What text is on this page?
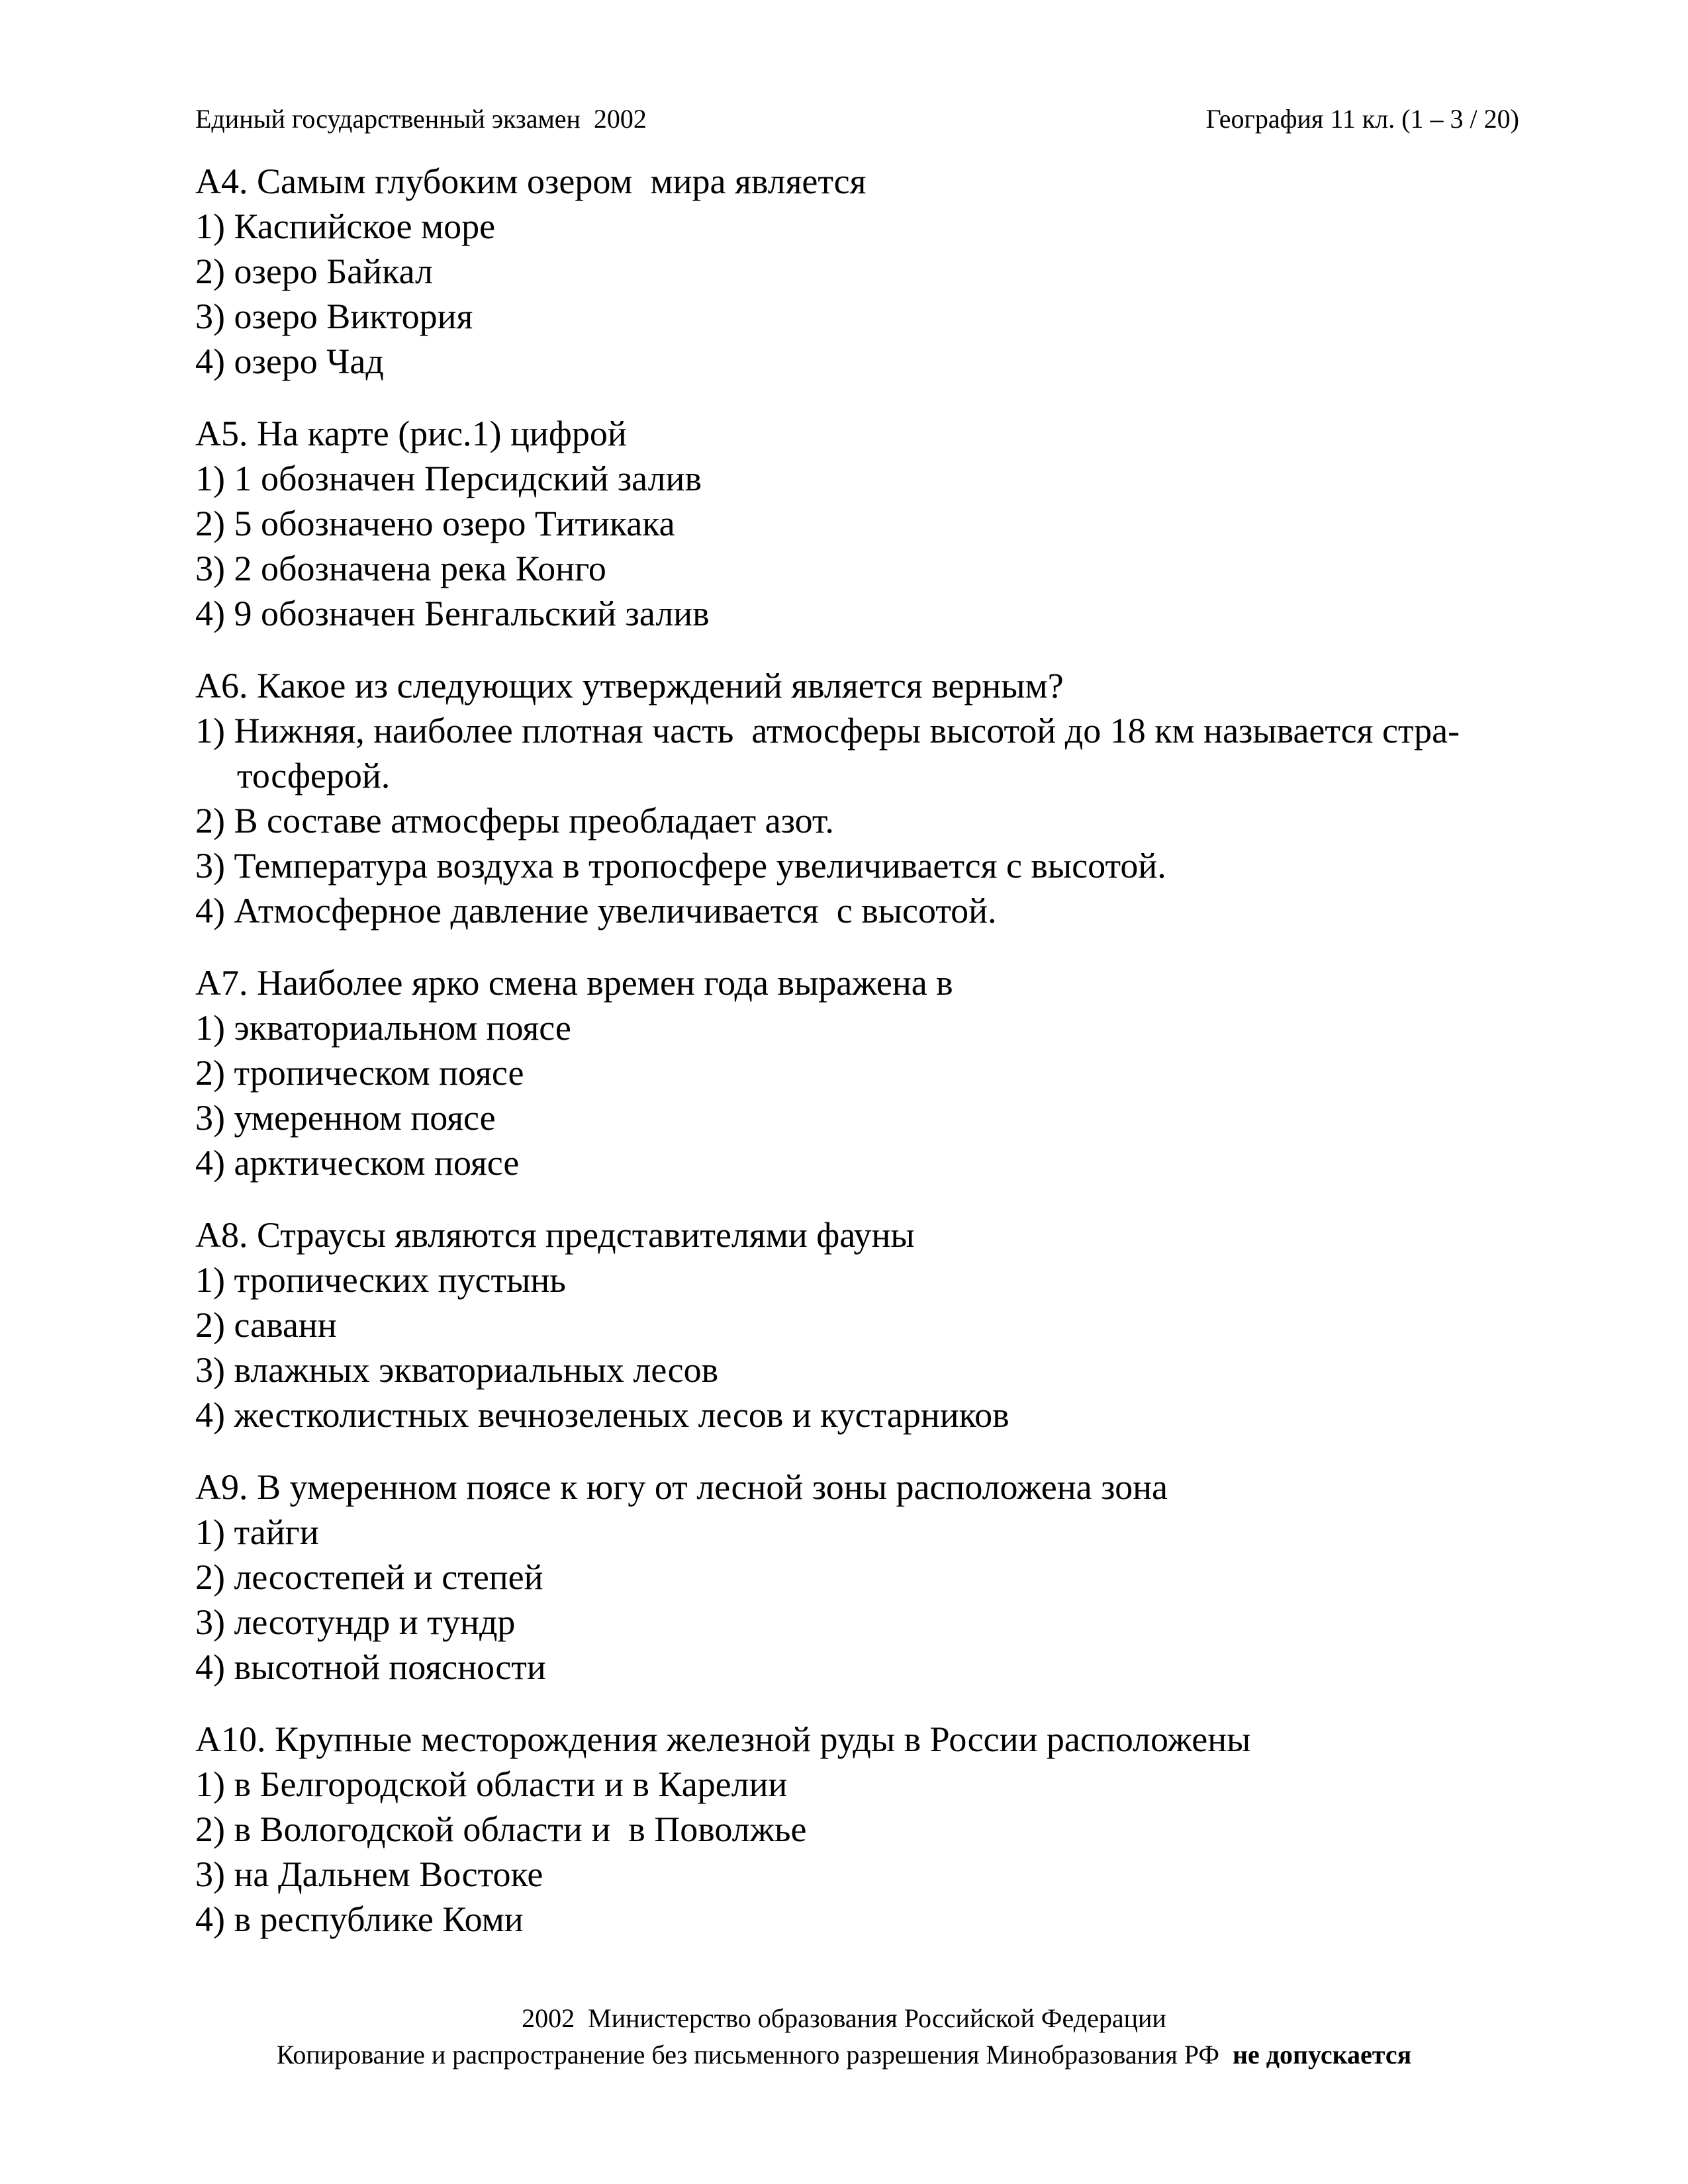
Единый государственный экзамен  2002	География 11 кл. (1 – 3 / 20)
А4. Самым глубоким озером  мира является
1) Каспийское море
2) озеро Байкал
3) озеро Виктория
4) озеро Чад
А5. На карте (рис.1) цифрой
1) 1 обозначен Персидский залив
2) 5 обозначено озеро Титикака
3) 2 обозначена река Конго
4) 9 обозначен Бенгальский залив
А6. Какое из следующих утверждений является верным?
1) Нижняя, наиболее плотная часть  атмосферы высотой до 18 км называется стра-тосферой.
2) В составе атмосферы преобладает азот.
3) Температура воздуха в тропосфере увеличивается с высотой.
4) Атмосферное давление увеличивается  с высотой.
А7. Наиболее ярко смена времен года выражена в
1) экваториальном поясе
2) тропическом поясе
3) умеренном поясе
4) арктическом поясе
А8. Страусы являются представителями фауны
1) тропических пустынь
2) саванн
3) влажных экваториальных лесов
4) жестколистных вечнозеленых лесов и кустарников
А9. В умеренном поясе к югу от лесной зоны расположена зона
1) тайги
2) лесостепей и степей
3) лесотундр и тундр
4) высотной поясности
А10. Крупные месторождения железной руды в России расположены
1) в Белгородской области и в Карелии
2) в Вологодской области и  в Поволжье
3) на Дальнем Востоке
4) в республике Коми
2002  Министерство образования Российской Федерации
Копирование и распространение без письменного разрешения Минобразования РФ  не допускается
